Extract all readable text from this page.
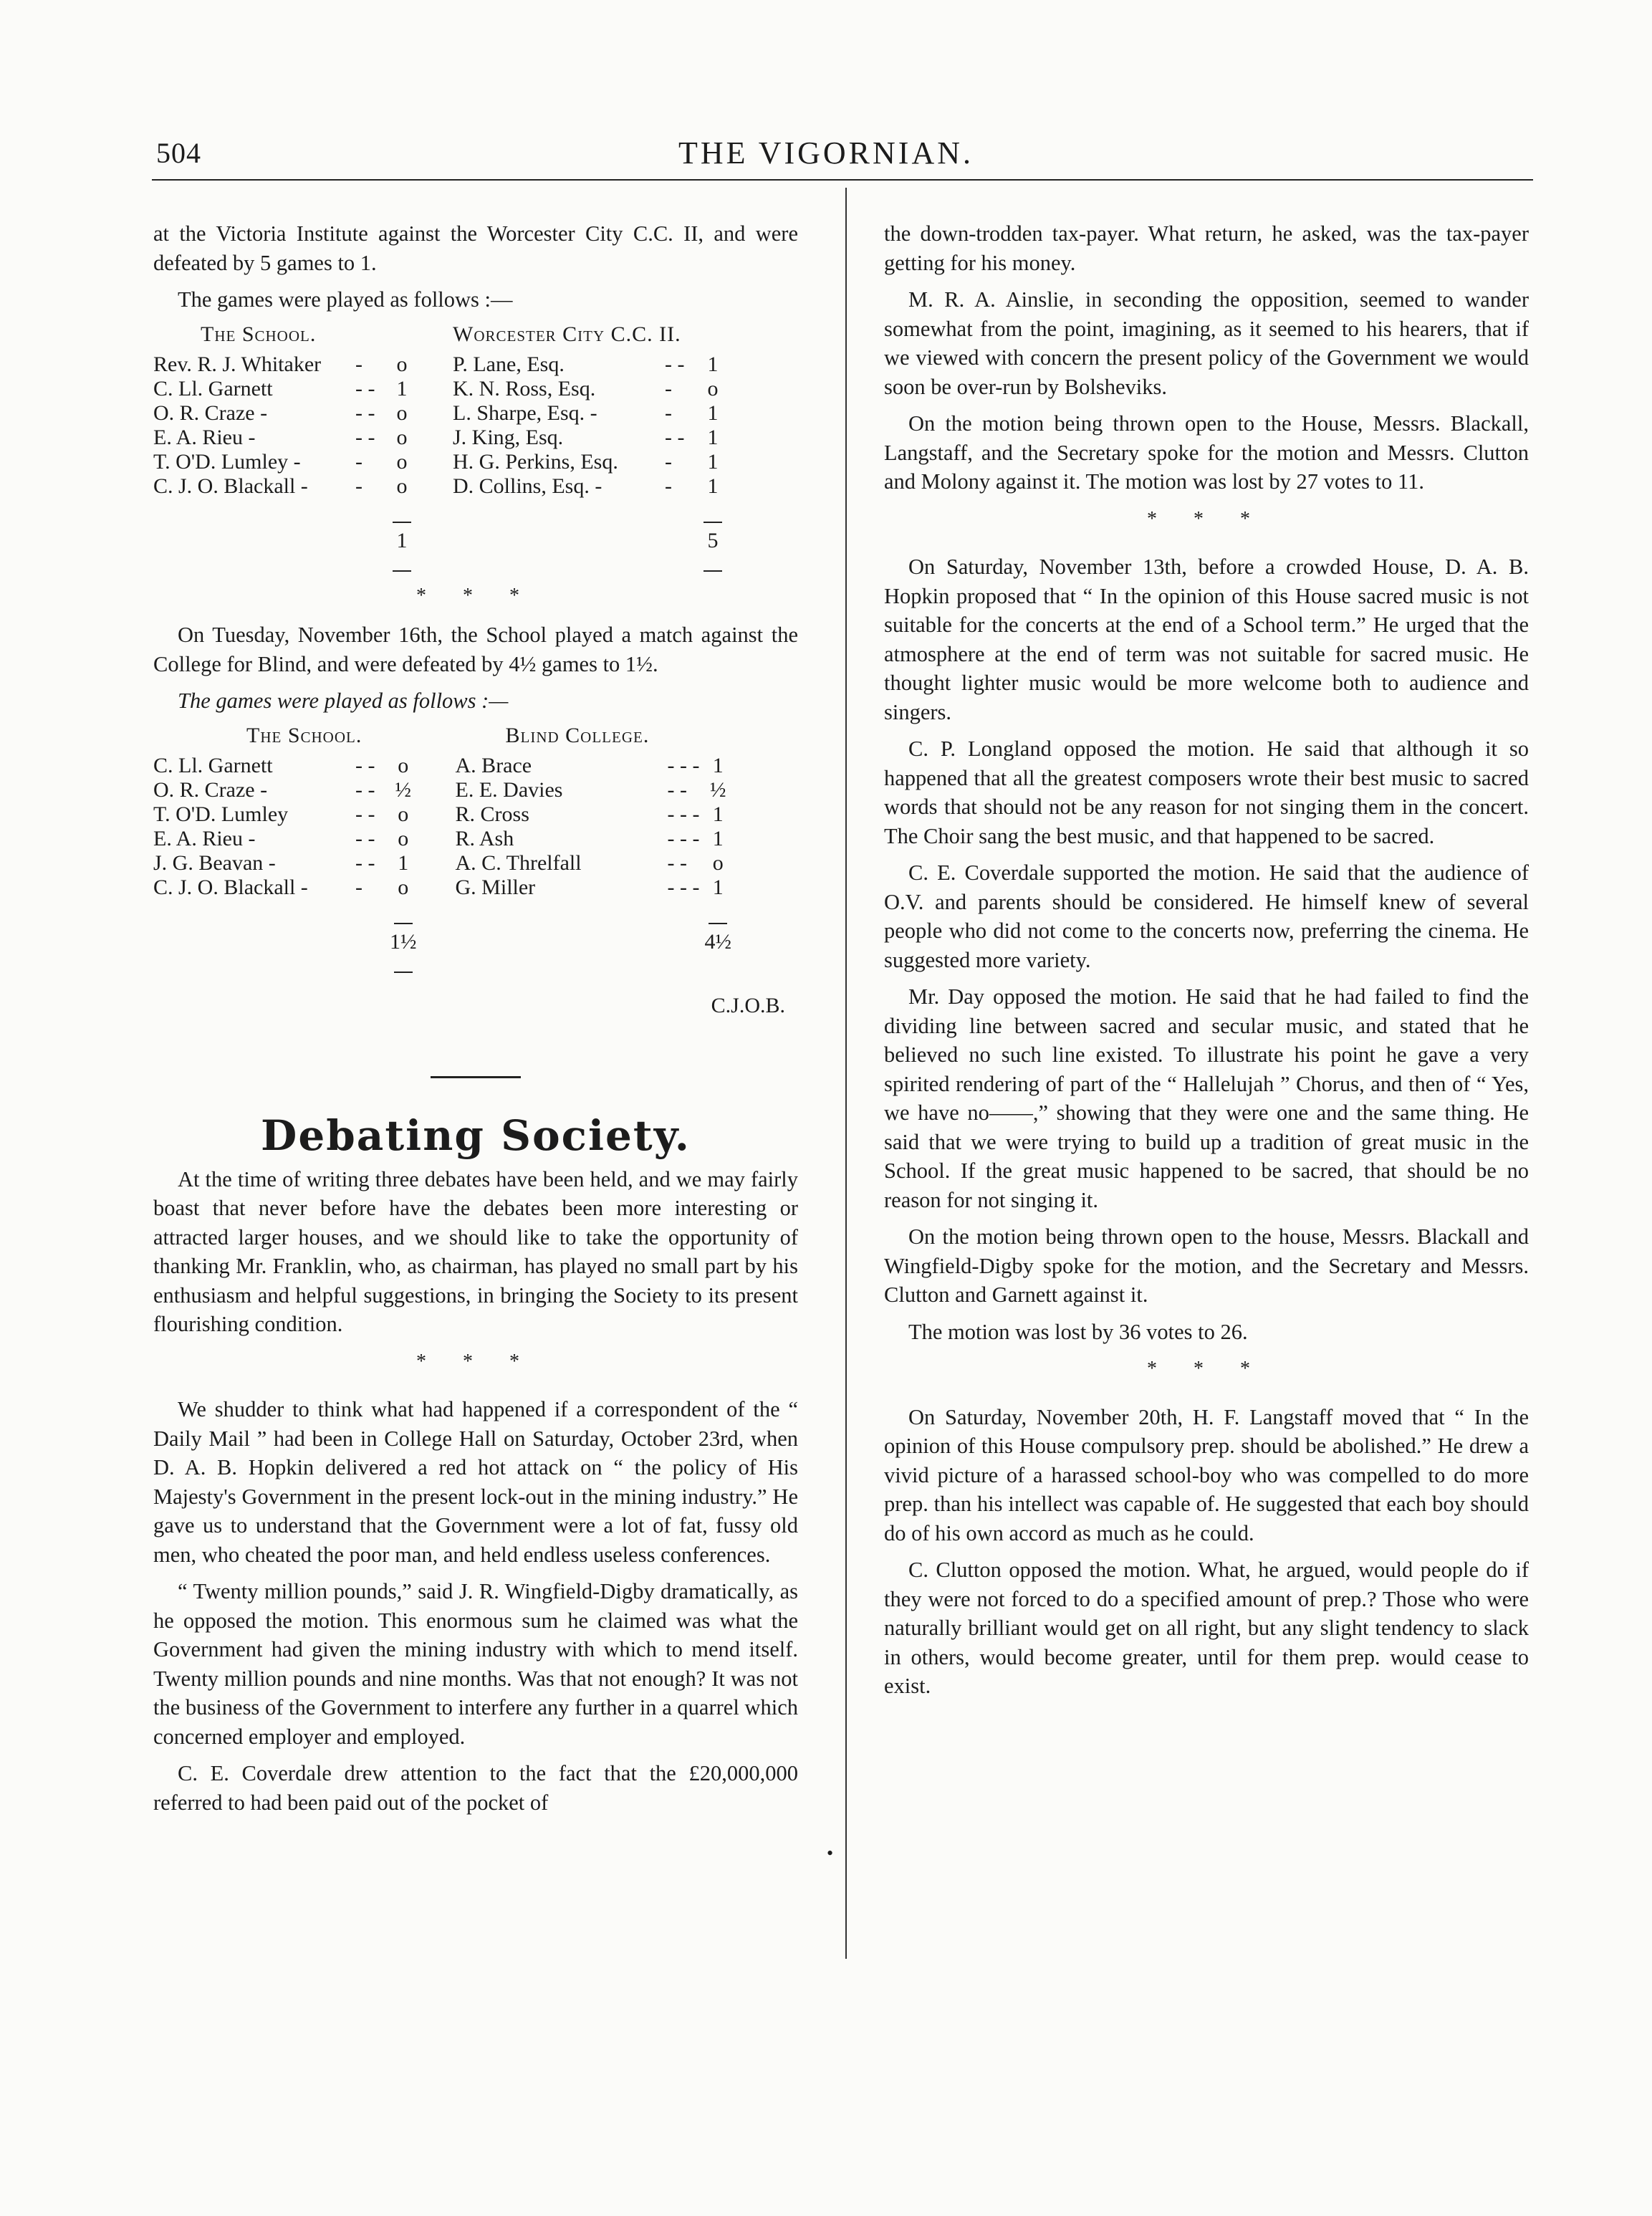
504	THE VIGORNIAN.

at the Victoria Institute against the Worcester City C.C. II, and were defeated by 5 games to 1.

The games were played as follows :—

The School.				Worcester City C.C. II.		
Rev. R. J. Whitaker	-	o		P. Lane, Esq.	- -	1
C. Ll. Garnett	- -	1		K. N. Ross, Esq.	-	o
O. R. Craze -	- -	o		L. Sharpe, Esq. -	-	1
E. A. Rieu -	- -	o		J. King, Esq.	- -	1
T. O'D. Lumley -	-	o		H. G. Perkins, Esq.	-	1
C. J. O. Blackall -	-	o		D. Collins, Esq. -	-	1

1				5

* * *

On Tuesday, November 16th, the School played a match against the College for Blind, and were defeated by 4½ games to 1½.

The games were played as follows :—

The School.				Blind College.		
C. Ll. Garnett	- -	o		A. Brace	- - -	1
O. R. Craze -	- -	½		E. E. Davies	- -	½
T. O'D. Lumley	- -	o		R. Cross	- - -	1
E. A. Rieu -	- -	o		R. Ash	- - -	1
J. G. Beavan -	- -	1		A. C. Threlfall	- -	o
C. J. O. Blackall -	-	o		G. Miller	- - -	1

1½				4½
C.J.O.B.
Debating Society.

At the time of writing three debates have been held, and we may fairly boast that never before have the debates been more interesting or attracted larger houses, and we should like to take the opportunity of thanking Mr. Franklin, who, as chairman, has played no small part by his enthusiasm and helpful suggestions, in bringing the Society to its present flourishing condition.

* * *

We shudder to think what had happened if a correspondent of the “ Daily Mail ” had been in College Hall on Saturday, October 23rd, when D. A. B. Hopkin delivered a red hot attack on “ the policy of His Majesty's Government in the present lock-out in the mining industry.” He gave us to understand that the Government were a lot of fat, fussy old men, who cheated the poor man, and held endless useless conferences.

“ Twenty million pounds,” said J. R. Wingfield-Digby dramatically, as he opposed the motion. This enormous sum he claimed was what the Government had given the mining industry with which to mend itself. Twenty million pounds and nine months. Was that not enough? It was not the business of the Government to interfere any further in a quarrel which concerned employer and employed.

C. E. Coverdale drew attention to the fact that the £20,000,000 referred to had been paid out of the pocket of

•

the down-trodden tax-payer. What return, he asked, was the tax-payer getting for his money.

M. R. A. Ainslie, in seconding the opposition, seemed to wander somewhat from the point, imagining, as it seemed to his hearers, that if we viewed with concern the present policy of the Government we would soon be over-run by Bolsheviks.

On the motion being thrown open to the House, Messrs. Blackall, Langstaff, and the Secretary spoke for the motion and Messrs. Clutton and Molony against it. The motion was lost by 27 votes to 11.

* * *

On Saturday, November 13th, before a crowded House, D. A. B. Hopkin proposed that “ In the opinion of this House sacred music is not suitable for the concerts at the end of a School term.” He urged that the atmosphere at the end of term was not suitable for sacred music. He thought lighter music would be more welcome both to audience and singers.

C. P. Longland opposed the motion. He said that although it so happened that all the greatest composers wrote their best music to sacred words that should not be any reason for not singing them in the concert. The Choir sang the best music, and that happened to be sacred.

C. E. Coverdale supported the motion. He said that the audience of O.V. and parents should be considered. He himself knew of several people who did not come to the concerts now, preferring the cinema. He suggested more variety.

Mr. Day opposed the motion. He said that he had failed to find the dividing line between sacred and secular music, and stated that he believed no such line existed. To illustrate his point he gave a very spirited rendering of part of the “ Hallelujah ” Chorus, and then of “ Yes, we have no——,” showing that they were one and the same thing. He said that we were trying to build up a tradition of great music in the School. If the great music happened to be sacred, that should be no reason for not singing it.

On the motion being thrown open to the house, Messrs. Blackall and Wingfield-Digby spoke for the motion, and the Secretary and Messrs. Clutton and Garnett against it.

The motion was lost by 36 votes to 26.

* * *

On Saturday, November 20th, H. F. Langstaff moved that “ In the opinion of this House compulsory prep. should be abolished.” He drew a vivid picture of a harassed school-boy who was compelled to do more prep. than his intellect was capable of. He suggested that each boy should do of his own accord as much as he could.

C. Clutton opposed the motion. What, he argued, would people do if they were not forced to do a specified amount of prep.? Those who were naturally brilliant would get on all right, but any slight tendency to slack in others, would become greater, until for them prep. would cease to exist.
